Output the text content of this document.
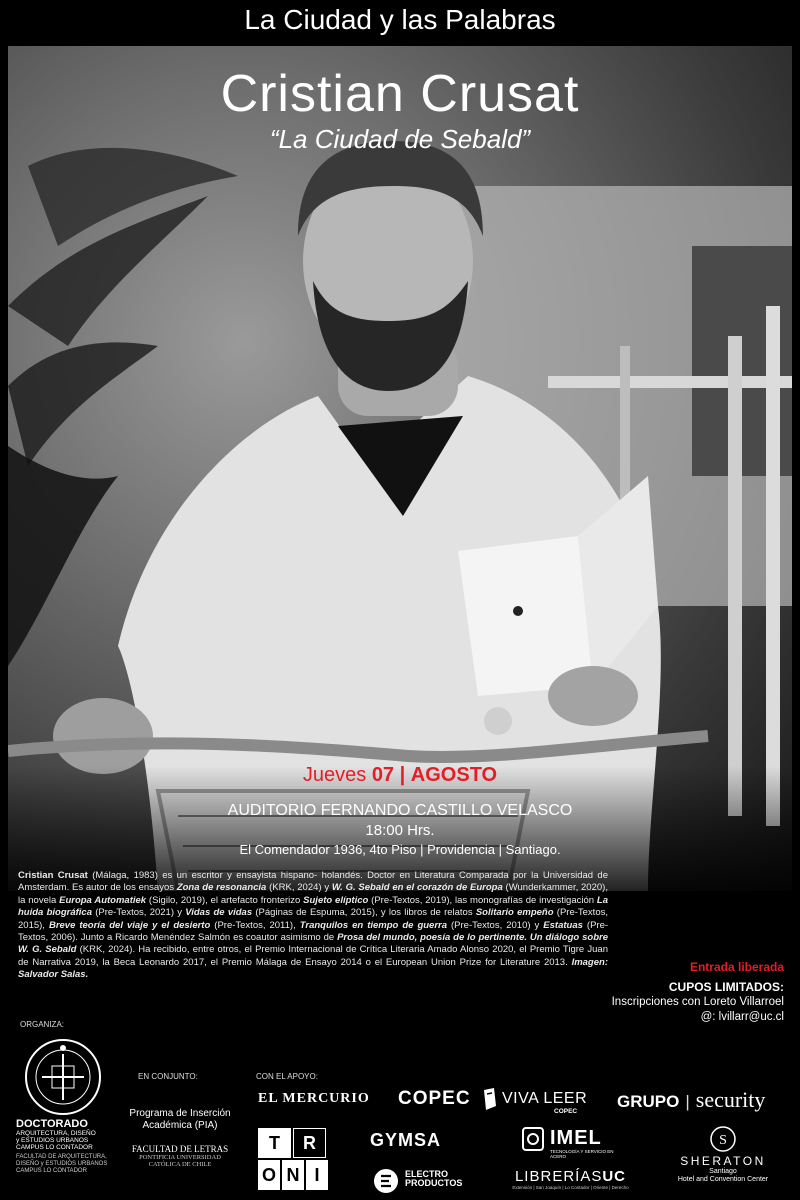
La Ciudad y las Palabras
Cristian Crusat
“La Ciudad de Sebald”
Jueves 07 | AGOSTO
AUDITORIO FERNANDO CASTILLO VELASCO
18:00 Hrs.
El Comendador 1936, 4to Piso | Providencia | Santiago.
Cristian Crusat (Málaga, 1983) es un escritor y ensayista hispano- holandés. Doctor en Literatura Comparada por la Universidad de Amsterdam. Es autor de los ensayos Zona de resonancia (KRK, 2024) y W. G. Sebald en el corazón de Europa (Wunderkammer, 2020), la novela Europa Automatiek (Sigilo, 2019), el artefacto fronterizo Sujeto elíptico (Pre-Textos, 2019), las monografías de investigación La huida biográfica (Pre-Textos, 2021) y Vidas de vidas (Páginas de Espuma, 2015), y los libros de relatos Solitario empeño (Pre-Textos, 2015), Breve teoría del viaje y el desierto (Pre-Textos, 2011), Tranquilos en tiempo de guerra (Pre-Textos, 2010) y Estatuas (Pre-Textos, 2006). Junto a Ricardo Menéndez Salmón es coautor asimismo de Prosa del mundo, poesía de lo pertinente. Un diálogo sobre W. G. Sebald (KRK, 2024). Ha recibido, entre otros, el Premio Internacional de Crítica Literaria Amado Alonso 2020, el Premio Tigre Juan de Narrativa 2019, la Beca Leonardo 2017, el Premio Málaga de Ensayo 2014 o el European Union Prize for Literature 2013. Imagen: Salvador Salas.
Entrada liberada
CUPOS LIMITADOS:
Inscripciones con Loreto Villarroel
@: lvillarr@uc.cl
ORGANIZA:
EN CONJUNTO:	CON EL APOYO:
DOCTORADO
ARQUITECTURA, DISEÑO
y ESTUDIOS URBANOS
CAMPUS LO CONTADOR
FACULTAD DE ARQUITECTURA,
DISEÑO y ESTUDIOS URBANOS
CAMPUS LO CONTADOR
Programa de Inserción
Académica (PIA)
FACULTAD DE LETRAS
PONTIFICIA UNIVERSIDAD
CATÓLICA DE CHILE
EL MERCURIO COPEC VIVA LEER
COPEC
GRUPO | security
T	R
O N I
GYMSA
ELECTRO
PRODUCTOS
IMEL
TECNOLOGÍA Y SERVICIO EN ACERO
LIBRERÍASUC
Extensión | San Joaquín | Lo Contador | Oriente | Derecho
S
SHERATON
Santiago
Hotel and Convention Center
